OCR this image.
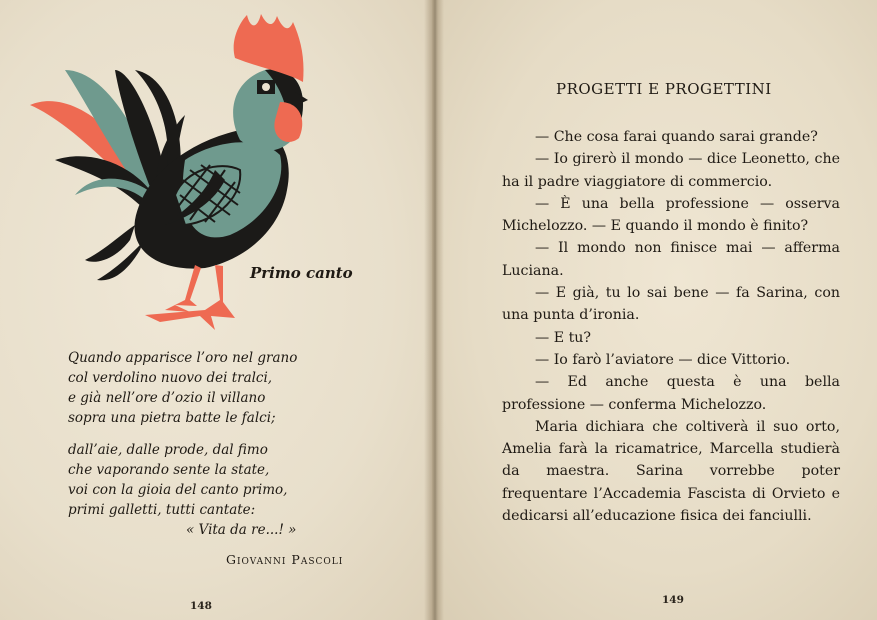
Primo canto
Quando apparisce l’oro nel grano
col verdolino nuovo dei tralci,
e già nell’ore d’ozio il villano
sopra una pietra batte le falci;
dall’aie, dalle prode, dal fimo
che vaporando sente la state,
voi con la gioia del canto primo,
primi galletti, tutti cantate:
« Vita da re...! »
Giovanni Pascoli
148
PROGETTI E PROGETTINI

— Che cosa farai quando sarai grande?

— Io girerò il mondo — dice Leonetto, che ha il padre viaggiatore di commercio.

— È una bella professione — osserva Michelozzo. — E quando il mondo è finito?

— Il mondo non finisce mai — afferma Luciana.

— E già, tu lo sai bene — fa Sarina, con una punta d’ironia.

— E tu?

— Io farò l’aviatore — dice Vittorio.

— Ed anche questa è una bella professione — conferma Michelozzo.

Maria dichiara che coltiverà il suo orto, Amelia farà la ricamatrice, Marcella studierà da maestra. Sarina vorrebbe poter frequentare l’Accademia Fascista di Orvieto e dedicarsi all’educazione fisica dei fanciulli.

149
